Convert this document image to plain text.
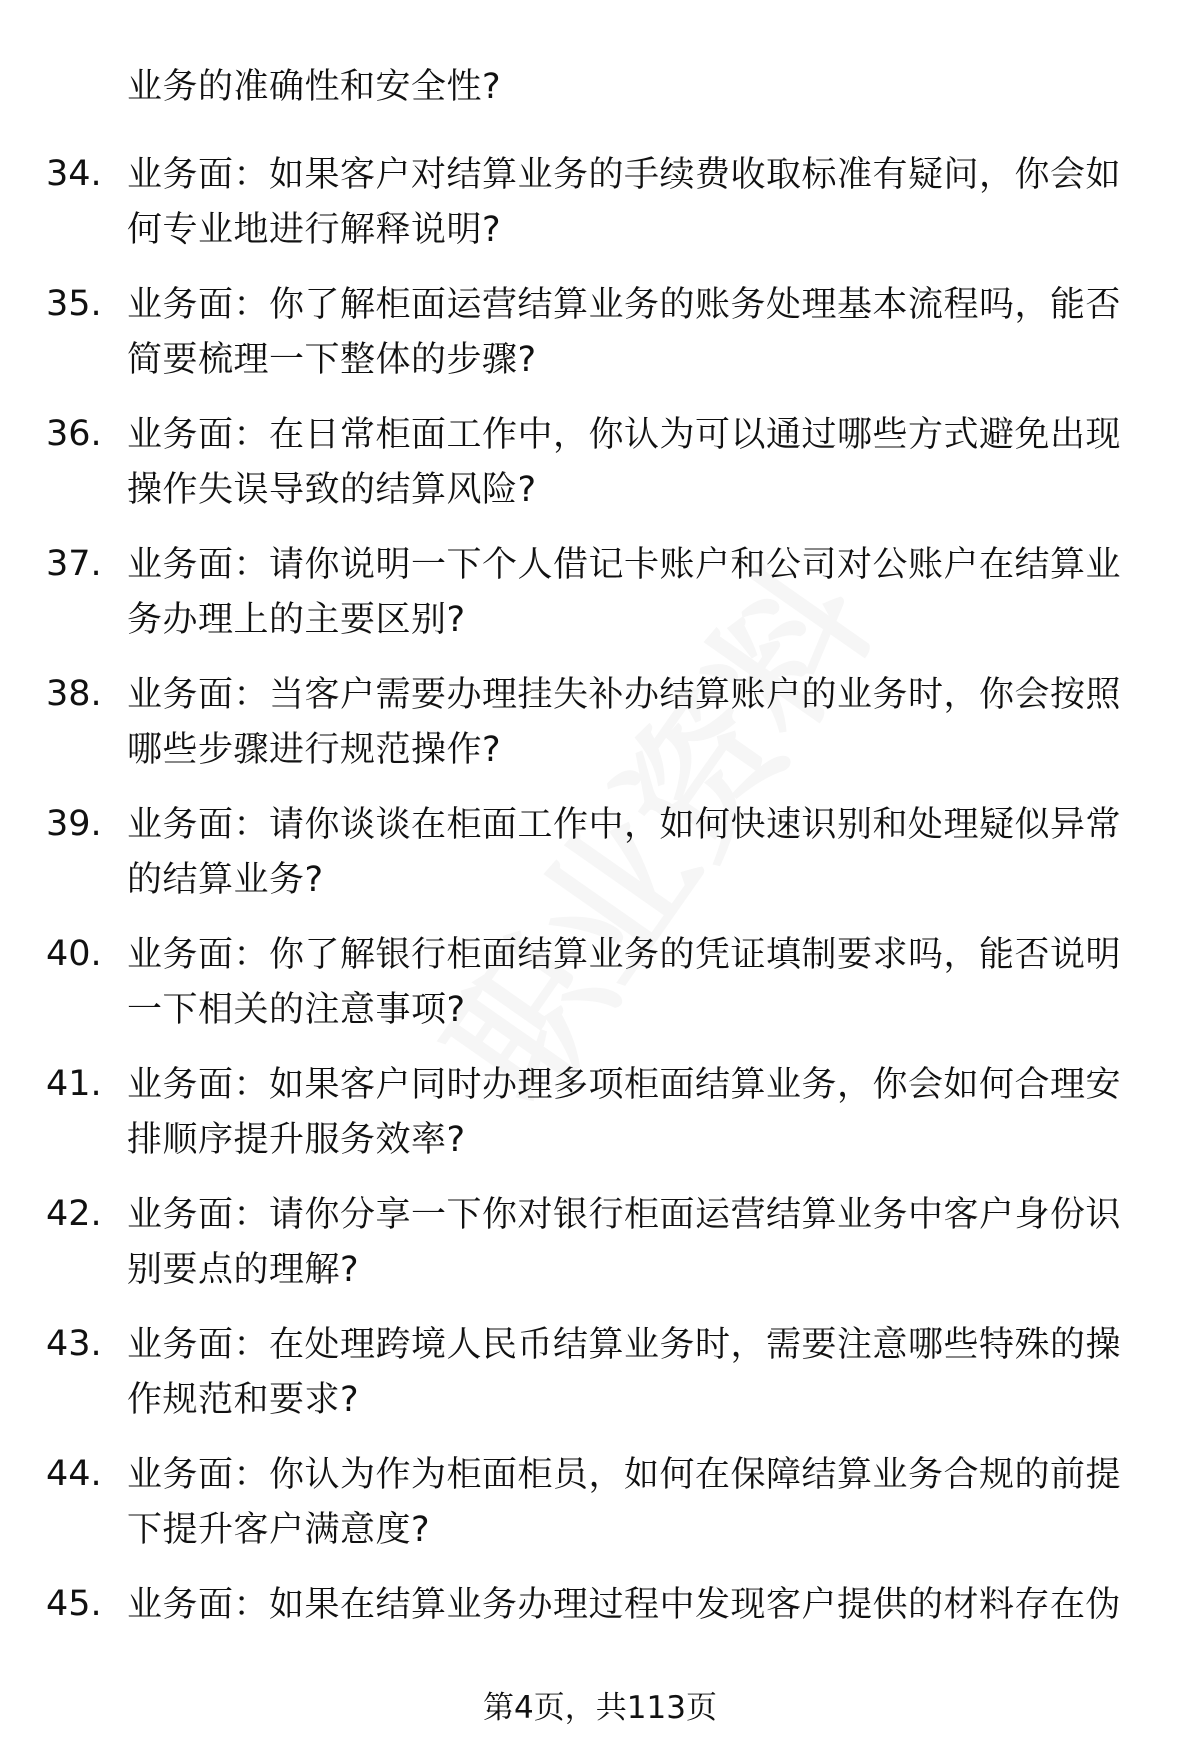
业务的准确性和安全性?
34. 业务面：如果客户对结算业务的手续费收取标准有疑问，你会如
何专业地进行解释说明?
35. 业务面：你了解柜面运营结算业务的账务处理基本流程吗，能否
简要梳理一下整体的步骤?
36. 业务面：在日常柜面工作中，你认为可以通过哪些方式避免出现
操作失误导致的结算风险?
37. 业务面：请你说明一下个人借记卡账户和公司对公账户在结算业
务办理上的主要区别?
38. 业务面：当客户需要办理挂失补办结算账户的业务时，你会按照
哪些步骤进行规范操作?
39. 业务面：请你谈谈在柜面工作中，如何快速识别和处理疑似异常
的结算业务?
40. 业务面：你了解银行柜面结算业务的凭证填制要求吗，能否说明
一下相关的注意事项?
41. 业务面：如果客户同时办理多项柜面结算业务，你会如何合理安
排顺序提升服务效率?
42. 业务面：请你分享一下你对银行柜面运营结算业务中客户身份识
别要点的理解?
43. 业务面：在处理跨境人民币结算业务时，需要注意哪些特殊的操
作规范和要求?
44. 业务面：你认为作为柜面柜员，如何在保障结算业务合规的前提
下提升客户满意度?
45. 业务面：如果在结算业务办理过程中发现客户提供的材料存在伪
第4页，共113页
